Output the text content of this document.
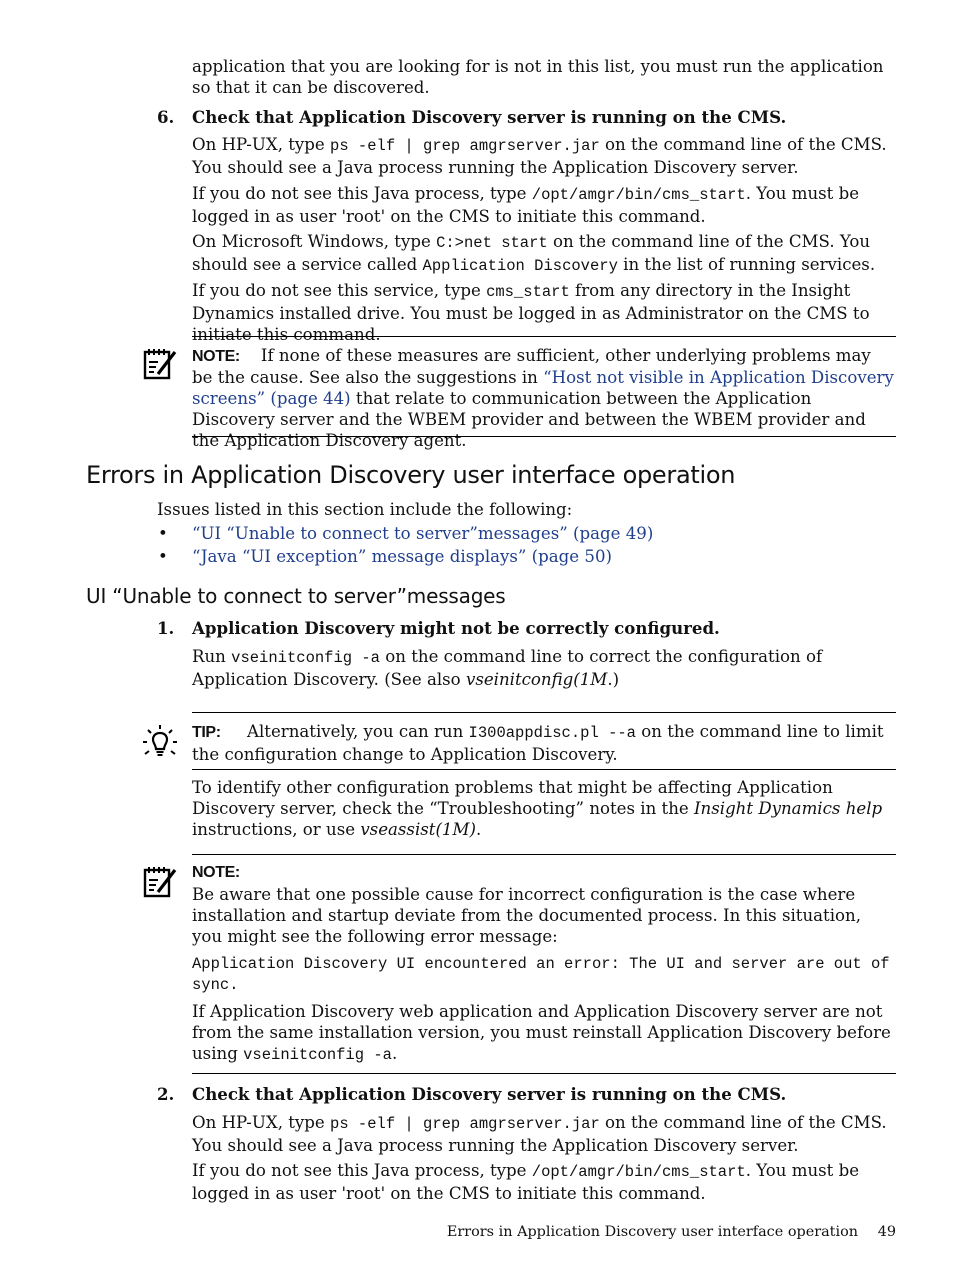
application that you are looking for is not in this list, you must run the application so that it can be discovered.
6. Check that Application Discovery server is running on the CMS.
On HP-UX, type ps -elf | grep amgrserver.jar on the command line of the CMS. You should see a Java process running the Application Discovery server.
If you do not see this Java process, type /opt/amgr/bin/cms_start. You must be logged in as user 'root' on the CMS to initiate this command.
On Microsoft Windows, type C:>net start on the command line of the CMS. You should see a service called Application Discovery in the list of running services.
If you do not see this service, type cms_start from any directory in the Insight Dynamics installed drive. You must be logged in as Administrator on the CMS to initiate this command.
NOTE: If none of these measures are sufficient, other underlying problems may be the cause. See also the suggestions in “Host not visible in Application Discovery screens” (page 44) that relate to communication between the Application Discovery server and the WBEM provider and between the WBEM provider and the Application Discovery agent.
Errors in Application Discovery user interface operation
Issues listed in this section include the following:
• “UI “Unable to connect to server”messages” (page 49)
• “Java “UI exception” message displays” (page 50)
UI “Unable to connect to server”messages
1. Application Discovery might not be correctly configured.
Run vseinitconfig -a on the command line to correct the configuration of Application Discovery. (See also vseinitconfig(1M.)
TIP: Alternatively, you can run I300appdisc.pl --a on the command line to limit the configuration change to Application Discovery.
To identify other configuration problems that might be affecting Application Discovery server, check the “Troubleshooting” notes in the Insight Dynamics help instructions, or use vseassist(1M).
NOTE:
Be aware that one possible cause for incorrect configuration is the case where installation and startup deviate from the documented process. In this situation, you might see the following error message:
Application Discovery UI encountered an error: The UI and server are out of sync.
If Application Discovery web application and Application Discovery server are not from the same installation version, you must reinstall Application Discovery before using vseinitconfig -a.
2. Check that Application Discovery server is running on the CMS.
On HP-UX, type ps -elf | grep amgrserver.jar on the command line of the CMS. You should see a Java process running the Application Discovery server.
If you do not see this Java process, type /opt/amgr/bin/cms_start. You must be logged in as user 'root' on the CMS to initiate this command.
Errors in Application Discovery user interface operation 49
